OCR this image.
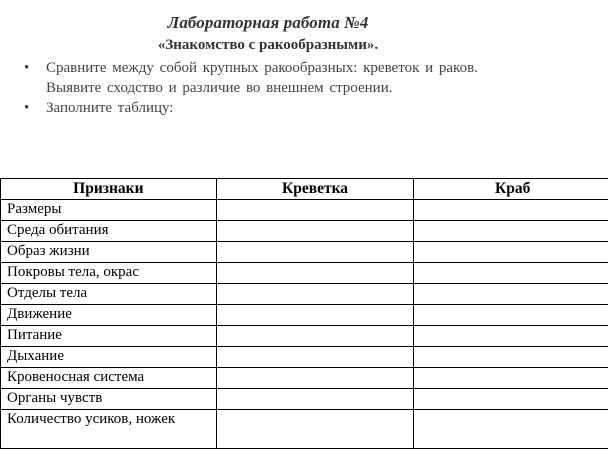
Лабораторная работа №4
«Знакомство с ракообразными».
• Сравните между собой крупных ракообразных: креветок и раков. Выявите сходство и различие во внешнем строении.
• Заполните таблицу:
Признаки	Креветка	Краб
Размеры		
Среда обитания		
Образ жизни		
Покровы тела, окрас		
Отделы тела		
Движение		
Питание		
Дыхание		
Кровеносная система		
Органы чувств		
Количество усиков, ножек		
